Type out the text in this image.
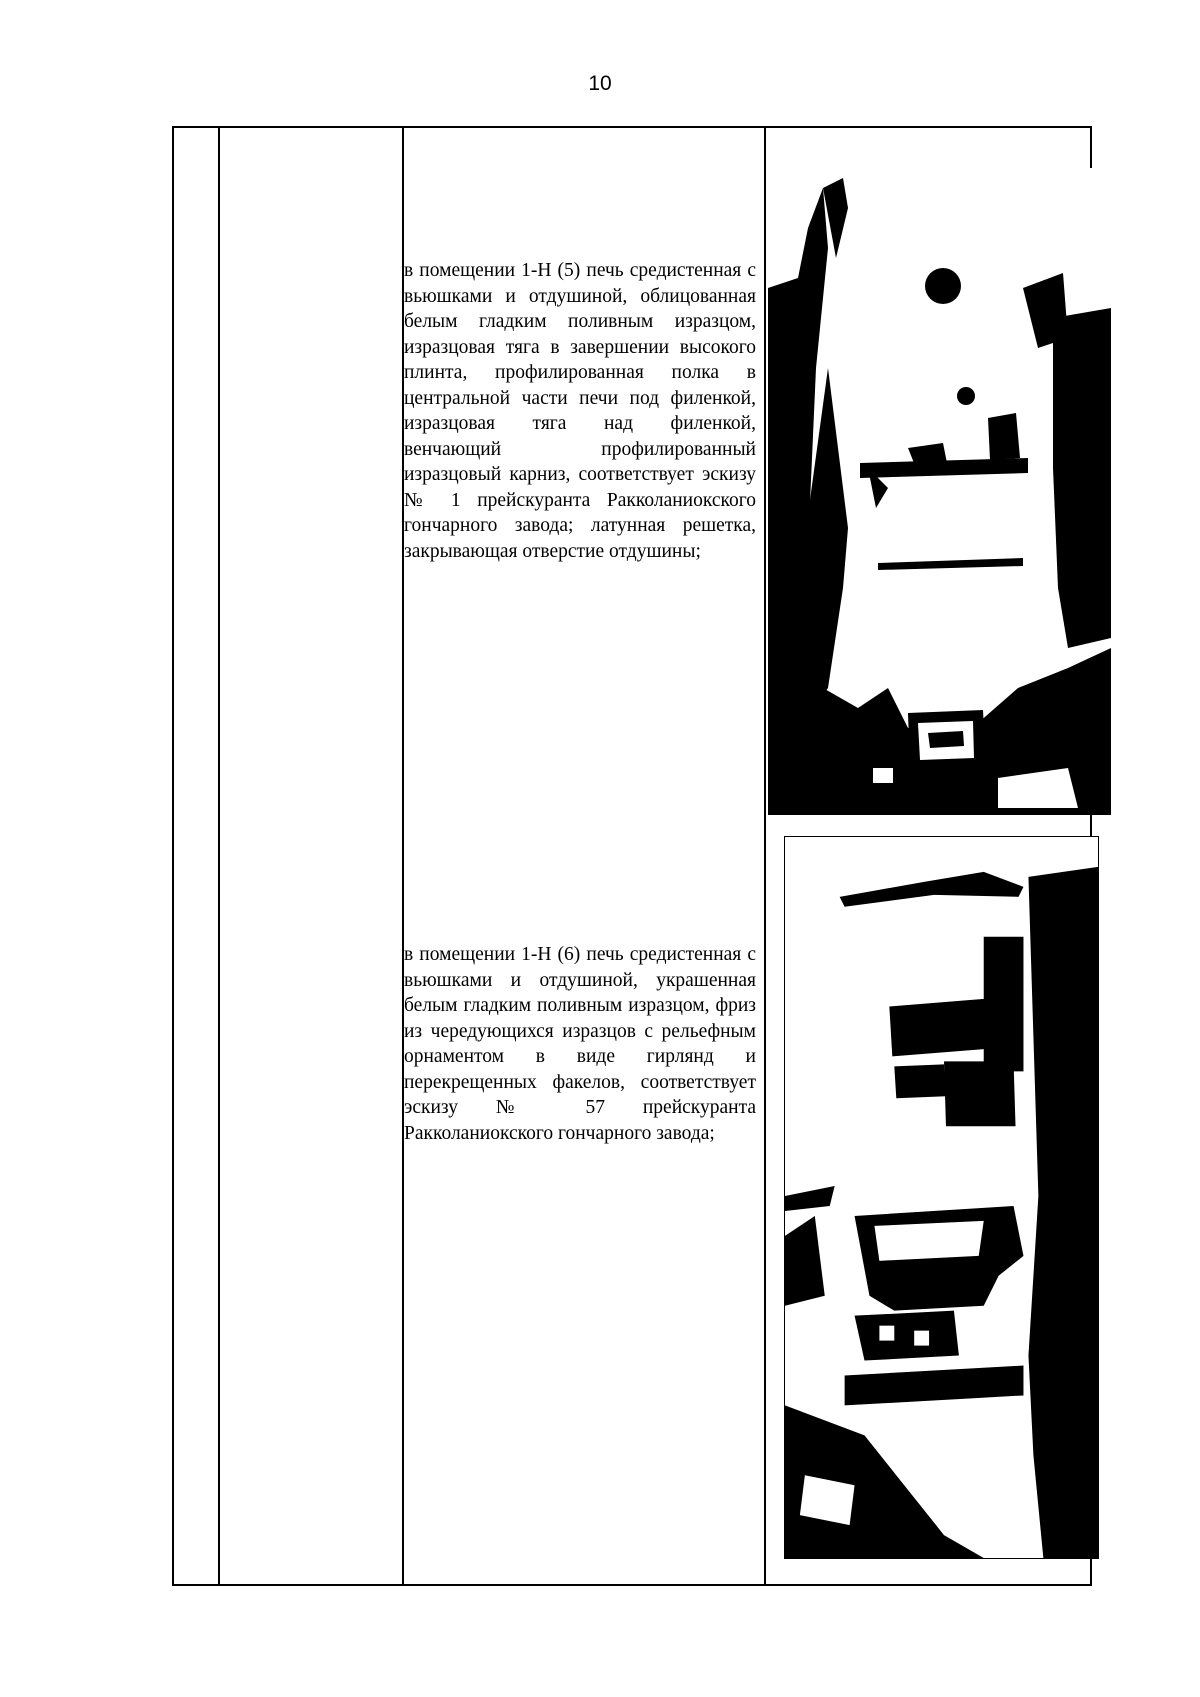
10
в помещении 1-Н (5) печь средистенная с вьюшками и отдушиной, облицованная белым гладким поливным изразцом, изразцовая тяга в завершении высокого плинта, профилированная полка в центральной части печи под филенкой, изразцовая тяга над филенкой, венчающий профилированный изразцовый карниз, соответствует эскизу № 1 прейскуранта Ракколаниокского гончарного завода; латунная решетка, закрывающая отверстие отдушины;
в помещении 1-Н (6) печь средистенная с вьюшками и отдушиной, украшенная белым гладким поливным изразцом, фриз из чередующихся изразцов с рельефным орнаментом в виде гирлянд и перекрещенных факелов, соответствует эскизу № 57 прейскуранта Ракколаниокского гончарного завода;
